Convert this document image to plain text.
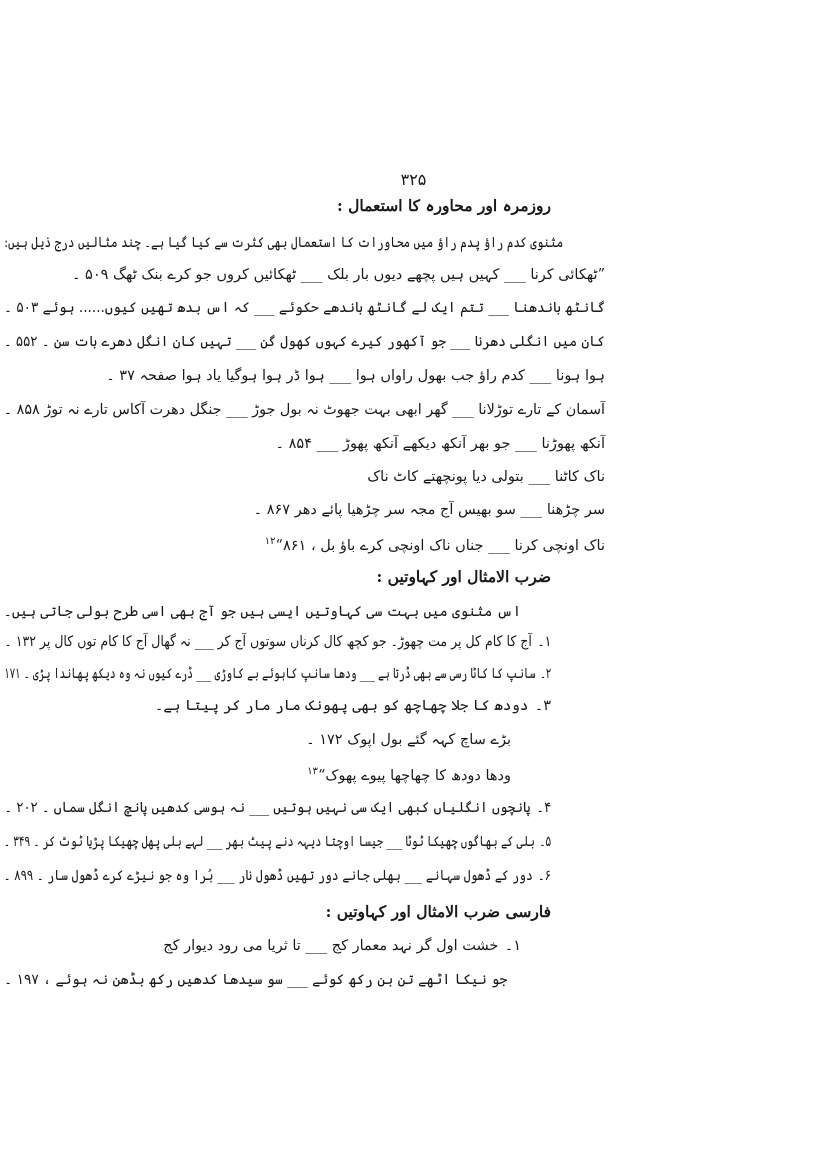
۳۲۵
روزمرہ اور محاورہ کا استعمال :
مثنوی کدم راؤ پدم راؤ میں محاورات کا استعمال بھی کثرت سے کیا گیا ہے۔ چند مثالیں درج ذیل ہیں:
”ٹھکائی کرنا ___ کہیں ہیں پچھے دیوں بار بلک ___ ٹھکائیں کروں جو کرے بنک ٹھگ ۵۰۹ ۔
گانٹھ باندھنا ___ تتم ایک لے گانٹھ باندھے حکوئے ___ کہ اس بدھ تھیں کیوں...... ہوئے ۵۰۳ ۔
کان میں انگلی دھرنا ___ جو آکھور کیرے کہوں کھول گن ___ تہیں کان انگل دھرے بات سن ۔ ۵۵۲ ۔
ہوا ہونا ___ کدم راؤ جب بھول راواں ہوا ___ ہوا ڈر ہوا ہوگیا یاد ہوا صفحہ ۳۷ ۔
آسمان کے تارے توڑلانا ___ گھر ابھی بہت جھوٹ نہ بول جوڑ ___ جنگل دھرت آکاس تارے نہ توڑ ۸۵۸ ۔
آنکھ پھوڑنا ___ جو بھر آنکھ دیکھے آنکھ پھوڑ ___ ۸۵۴ ۔
ناک کاٹنا ___ بتولی دیا پونچھتے کاٹ ناک
سر چڑھنا ___ سو بھیس آج مجہ سر چڑھیا پائے دھر ۸۶۷ ۔
ناک اونچی کرنا ___ جناں ناک اونچی کرے باؤ بل ، ۸۶۱“$^{۱۲}$
ضرب الامثال اور کہاوتیں :
اس مثنوی میں بہت سی کہاوتیں ایسی ہیں جو آج بھی اسی طرح بولی جاتی ہیں۔
۱۔ آج کا کام کل پر مت چھوڑ۔ جو کچھ کال کرناں سوتوں آج کر ___ نہ گھال آج کا کام توں کال پر ۱۳۲ ۔
۲۔ سانپ کا کاٹا رسی سے بھی ڈرتا ہے ___ ودھا سانپ کاہوئے بے کاوڑی ___ ڈرے کیوں نہ وہ دیکھ پھاندا پڑی ۔ ۱۷۱
۳۔ دودھ کا جلا چھاچھ کو بھی پھونک مار مار کر پیتا ہے۔
بڑے ساچ کہہ گئے بول اپوک ۱۷۲ ۔
ودھا دودھ کا چھاچھا پیوے پھوک“$^{۱۳}$
۴۔ پانچوں انگلیاں کبھی ایک سی نہیں ہوتیں ___ نہ ہوسی کدھیں پانچ انگل سماں ۔ ۲۰۲ ۔
۵۔ بلی کے بھاگوں چھیکا ٹوٹا ___ جیسا اوچتا دیہہ دنے پیٹ بھر ___ لہے بلی پھل چھیکا پڑیا ٹوٹ کر ۔ ۳۴۹ ۔
۶۔ دور کے ڈھول سہانے ___ بھلی جانے دور تھیں ڈھول نار ___ بُرا وہ جو نیڑے کرے ڈھول سار ۔ ۸۹۹ ۔
فارسی ضرب الامثال اور کہاوتیں :
۱۔ خشت اول گر نہد معمار کج ___ تا ثریا می رود دیوار کج
جو نیکا اٹھے تن بن رکھ کوئے ___ سو سیدھا کدھیں رکھ بڈھن نہ ہوئے ، ۱۹۷ ۔
